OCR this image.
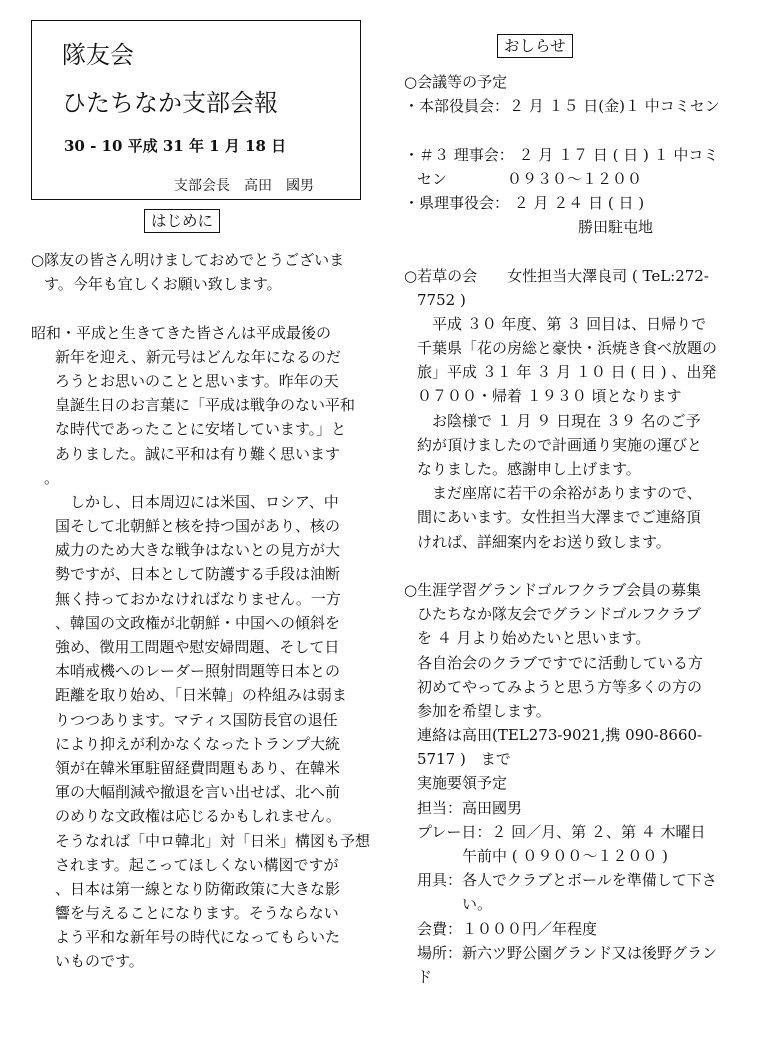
隊友会
ひたちなか支部会報
30 - 10 平成 31 年 1 月 18 日
支部会長　高田　國男
はじめに
おしらせ
○隊友の皆さん明けましておめでとうございま
す。今年も宜しくお願い致します。
昭和・平成と生きてきた皆さんは平成最後の
新年を迎え、新元号はどんな年になるのだ
ろうとお思いのことと思います。昨年の天
皇誕生日のお言葉に「平成は戦争のない平和
な時代であったことに安堵しています。」と
ありました。誠に平和は有り難く思います
。
　しかし、日本周辺には米国、ロシア、中
国そして北朝鮮と核を持つ国があり、核の
威力のため大きな戦争はないとの見方が大
勢ですが、日本として防護する手段は油断
無く持っておかなければなりません。一方
、韓国の文政権が北朝鮮・中国への傾斜を
強め、徴用工問題や慰安婦問題、そして日
本哨戒機へのレーダー照射問題等日本との
距離を取り始め、「日米韓」の枠組みは弱ま
りつつあります。マティス国防長官の退任
により抑えが利かなくなったトランプ大統
領が在韓米軍駐留経費問題もあり、在韓米
軍の大幅削減や撤退を言い出せば、北へ前
のめりな文政権は応じるかもしれません。
そうなれば「中ロ韓北」対「日米」構図も予想
されます。起こってほしくない構図ですが
、日本は第一線となり防衛政策に大きな影
響を与えることになります。そうならない
よう平和な新年号の時代になってもらいた
いものです。
○会議等の予定
・本部役員会：２ 月 １５ 日(金)１ 中コミセン
・＃３ 理事会： ２ 月 １７ 日 ( 日 ) １ 中コミ
セン　　　　０９３０～１２００
・県理事役会： ２ 月 ２４ 日 ( 日 )
勝田駐屯地
○若草の会　　女性担当大澤良司 ( TeL:272-
7752 )
　平成 ３０ 年度、第 ３ 回目は、日帰りで
千葉県「花の房総と豪快・浜焼き食べ放題の
旅」平成 ３１ 年 ３ 月 １０ 日 ( 日 ) 、出発
０７００・帰着 １９３０ 頃となります
　お陰様で １ 月 ９ 日現在 ３９ 名のご予
約が頂けましたので計画通り実施の運びと
なりました。感謝申し上げます。
　まだ座席に若干の余裕がありますので、
間にあいます。女性担当大澤までご連絡頂
ければ、詳細案内をお送り致します。
○生涯学習グランドゴルフクラブ会員の募集
ひたちなか隊友会でグランドゴルフクラブ
を ４ 月より始めたいと思います。
各自治会のクラブですでに活動している方
初めてやってみようと思う方等多くの方の
参加を希望します。
連絡は高田(TEL273-9021,携 090-8660-
5717 )　まで
実施要領予定
担当：高田國男
プレー日：２ 回／月、第 ２、第 ４ 木曜日
午前中 ( ０９００～１２００ )
用具：各人でクラブとボールを準備して下さ
い。
会費：１０００円／年程度
場所：新六ツ野公園グランド又は後野グラン
ド
